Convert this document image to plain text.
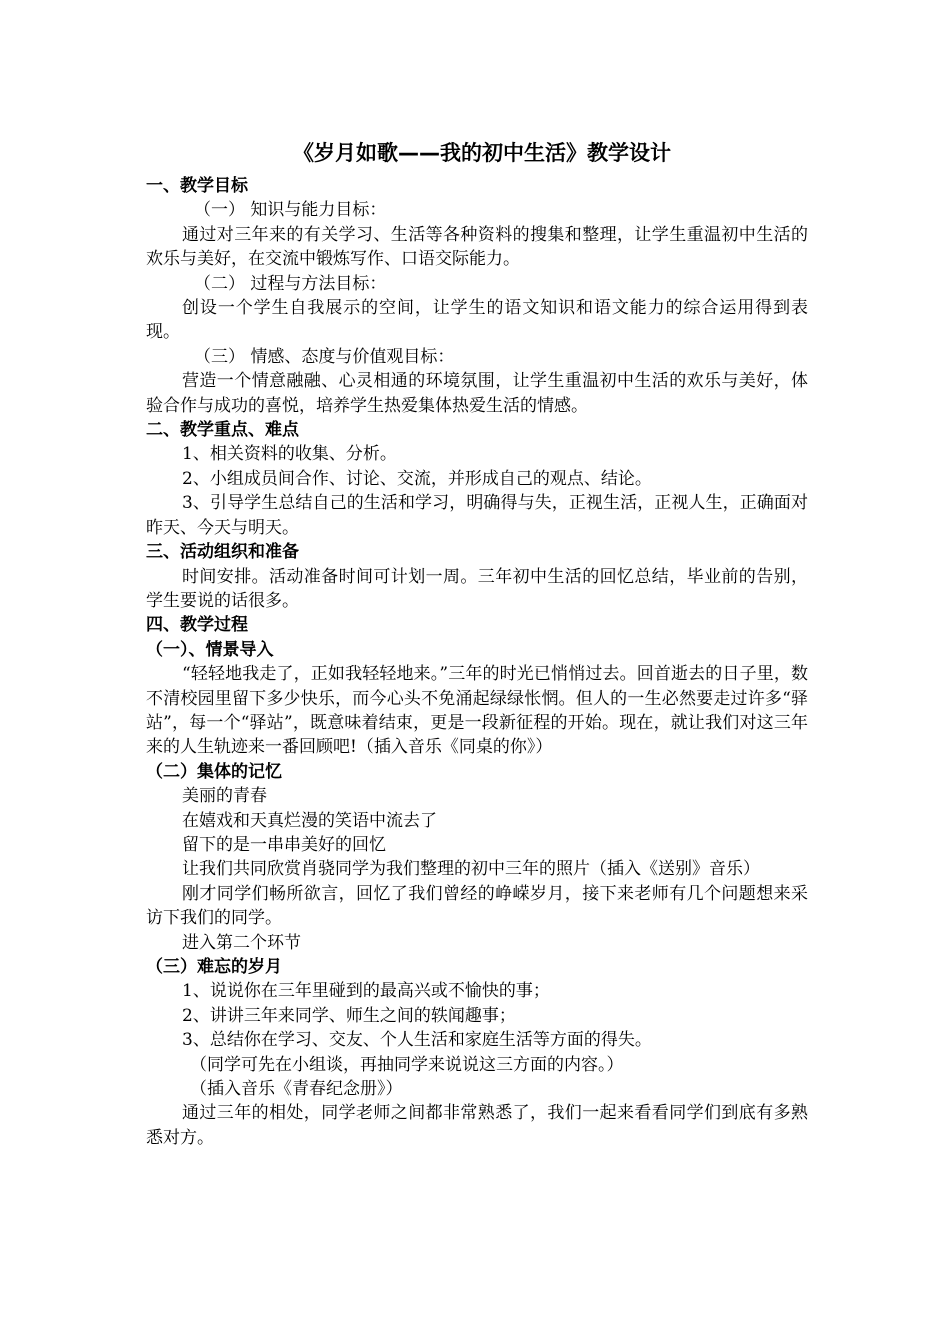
《岁月如歌——我的初中生活》教学设计
一、教学目标
（一） 知识与能力目标：
通过对三年来的有关学习、生活等各种资料的搜集和整理，让学生重温初中生活的欢乐与美好，在交流中锻炼写作、口语交际能力。
（二） 过程与方法目标：
创设一个学生自我展示的空间，让学生的语文知识和语文能力的综合运用得到表现。
（三） 情感、态度与价值观目标：
营造一个情意融融、心灵相通的环境氛围，让学生重温初中生活的欢乐与美好，体验合作与成功的喜悦，培养学生热爱集体热爱生活的情感。
二、教学重点、难点
1、相关资料的收集、分析。
2、小组成员间合作、讨论、交流，并形成自己的观点、结论。
3、引导学生总结自己的生活和学习，明确得与失，正视生活，正视人生，正确面对昨天、今天与明天。
三、活动组织和准备
时间安排。活动准备时间可计划一周。三年初中生活的回忆总结，毕业前的告别，学生要说的话很多。
四、教学过程
（一）、情景导入
“轻轻地我走了，正如我轻轻地来。”三年的时光已悄悄过去。回首逝去的日子里，数不清校园里留下多少快乐，而今心头不免涌起绿绿怅惘。但人的一生必然要走过许多“驿站”，每一个“驿站”，既意味着结束，更是一段新征程的开始。现在，就让我们对这三年来的人生轨迹来一番回顾吧!（插入音乐《同桌的你》）
（二）集体的记忆
美丽的青春
在嬉戏和天真烂漫的笑语中流去了
留下的是一串串美好的回忆
让我们共同欣赏肖骁同学为我们整理的初中三年的照片（插入《送别》音乐）
刚才同学们畅所欲言，回忆了我们曾经的峥嵘岁月，接下来老师有几个问题想来采访下我们的同学。
进入第二个环节
（三）难忘的岁月
1、说说你在三年里碰到的最高兴或不愉快的事；
2、讲讲三年来同学、师生之间的轶闻趣事；
3、总结你在学习、交友、个人生活和家庭生活等方面的得失。
（同学可先在小组谈，再抽同学来说说这三方面的内容。）
（插入音乐《青春纪念册》）
通过三年的相处，同学老师之间都非常熟悉了，我们一起来看看同学们到底有多熟悉对方。
